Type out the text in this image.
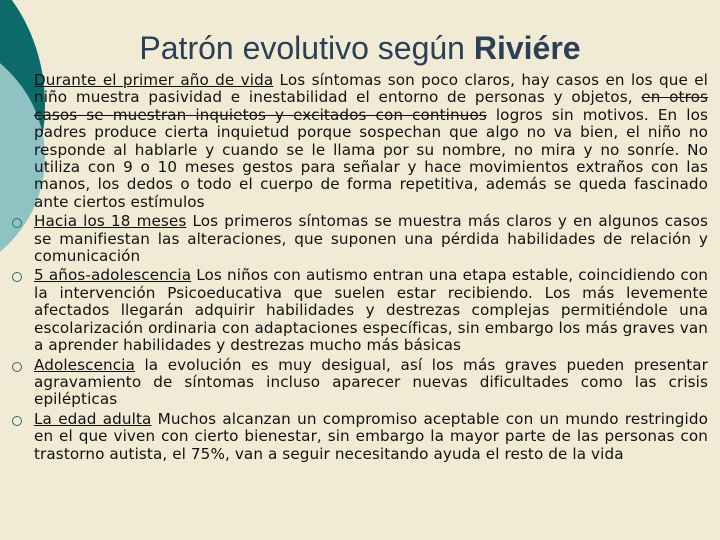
Patrón evolutivo según Riviére
Durante el primer año de vida Los síntomas son poco claros, hay casos en los que el niño muestra pasividad e inestabilidad el entorno de personas y objetos, en otros casos se muestran inquietos y excitados con continuos logros sin motivos. En los padres produce cierta inquietud porque sospechan que algo no va bien, el niño no responde al hablarle y cuando se le llama por su nombre, no mira y no sonríe. No utiliza con 9 o 10 meses gestos para señalar y hace movimientos extraños con las manos, los dedos o todo el cuerpo de forma repetitiva, además se queda fascinado ante ciertos estímulos
Hacia los 18 meses Los primeros síntomas se muestra más claros y en algunos casos se manifiestan las alteraciones, que suponen una pérdida habilidades de relación y comunicación
5 años-adolescencia Los niños con autismo entran una etapa estable, coincidiendo con la intervención Psicoeducativa que suelen estar recibiendo. Los más levemente afectados llegarán adquirir habilidades y destrezas complejas permitiéndole una escolarización ordinaria con adaptaciones específicas, sin embargo los más graves van a aprender habilidades y destrezas mucho más básicas
Adolescencia la evolución es muy desigual, así los más graves pueden presentar agravamiento de síntomas incluso aparecer nuevas dificultades como las crisis epilépticas
La edad adulta Muchos alcanzan un compromiso aceptable con un mundo restringido en el que viven con cierto bienestar, sin embargo la mayor parte de las personas con trastorno autista, el 75%, van a seguir necesitando ayuda el resto de la vida
